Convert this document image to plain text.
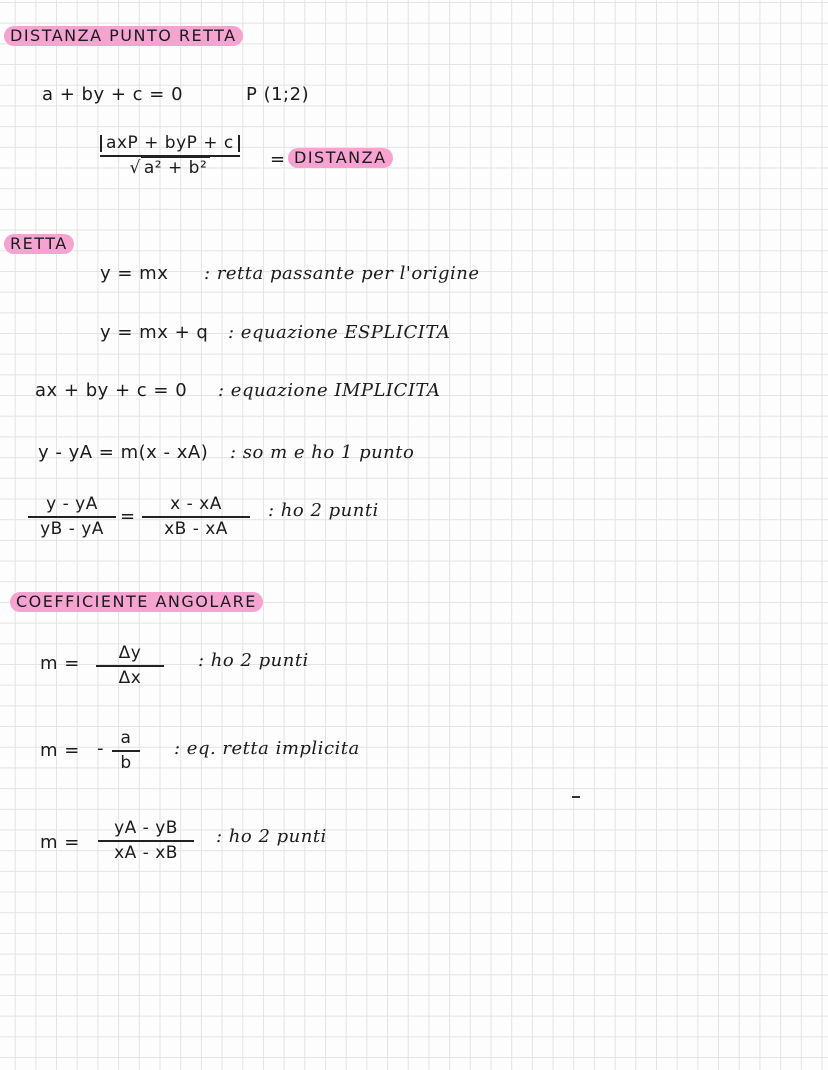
DISTANZA PUNTO RETTA
a + by + c = 0	P (1;2)
axP + byP + c
√ a² + b²	= DISTANZA
RETTA
y = mx : retta passante per l'origine
y = mx + q : equazione ESPLICITA
ax + by + c = 0 : equazione IMPLICITA
y - yA = m(x - xA) : so m e ho 1 punto
y - yA
yB - yA
=
x - xA
xB - xA
: ho 2 punti
COEFFICIENTE ANGOLARE
m = Δy
Δx
: ho 2 punti
m = - a
b
: eq. retta implicita
m =
yA - yB
xA - xB
: ho 2 punti
